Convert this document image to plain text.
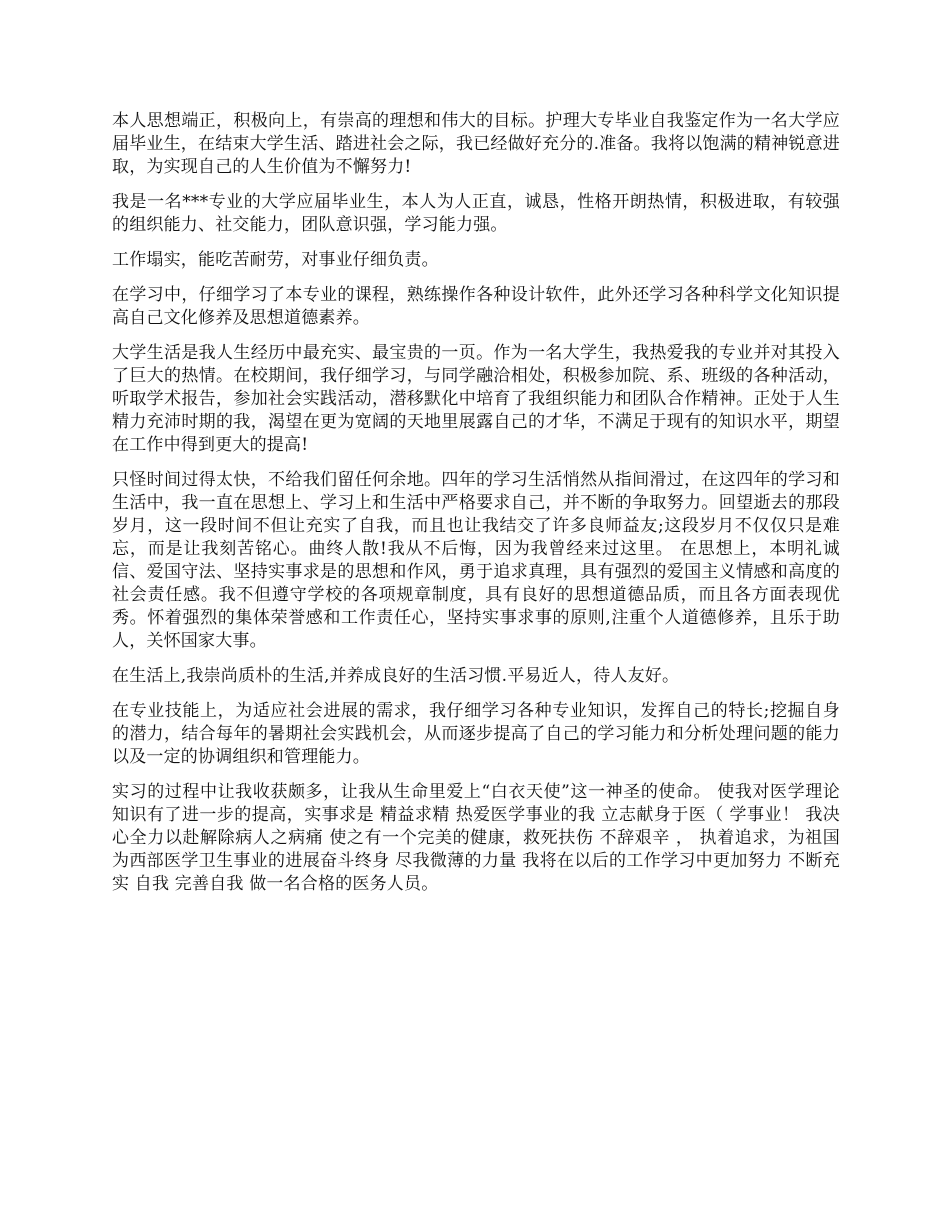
本人思想端正，积极向上，有崇高的理想和伟大的目标。护理大专毕业自我鉴定作为一名大学应届毕业生，在结束大学生活、踏进社会之际，我已经做好充分的.准备。我将以饱满的精神锐意进取，为实现自己的人生价值为不懈努力!

我是一名***专业的大学应届毕业生，本人为人正直，诚恳，性格开朗热情，积极进取，有较强的组织能力、社交能力，团队意识强，学习能力强。

工作塌实，能吃苦耐劳，对事业仔细负责。

在学习中，仔细学习了本专业的课程，熟练操作各种设计软件，此外还学习各种科学文化知识提高自己文化修养及思想道德素养。

大学生活是我人生经历中最充实、最宝贵的一页。作为一名大学生，我热爱我的专业并对其投入了巨大的热情。在校期间，我仔细学习，与同学融洽相处，积极参加院、系、班级的各种活动，听取学术报告，参加社会实践活动，潜移默化中培育了我组织能力和团队合作精神。正处于人生精力充沛时期的我，渴望在更为宽阔的天地里展露自己的才华，不满足于现有的知识水平，期望在工作中得到更大的提高!

只怪时间过得太快，不给我们留任何余地。四年的学习生活悄然从指间滑过，在这四年的学习和生活中，我一直在思想上、学习上和生活中严格要求自己，并不断的争取努力。回望逝去的那段岁月，这一段时间不但让充实了自我，而且也让我结交了许多良师益友;这段岁月不仅仅只是难忘，而是让我刻苦铭心。曲终人散!我从不后悔，因为我曾经来过这里。 在思想上，本明礼诚信、爱国守法、坚持实事求是的思想和作风，勇于追求真理，具有强烈的爱国主义情感和高度的社会责任感。我不但遵守学校的各项规章制度，具有良好的思想道德品质，而且各方面表现优秀。怀着强烈的集体荣誉感和工作责任心，坚持实事求事的原则,注重个人道德修养，且乐于助人，关怀国家大事。

在生活上,我崇尚质朴的生活,并养成良好的生活习惯.平易近人，待人友好。

在专业技能上，为适应社会进展的需求，我仔细学习各种专业知识，发挥自己的特长;挖掘自身的潜力，结合每年的暑期社会实践机会，从而逐步提高了自己的学习能力和分析处理问题的能力以及一定的协调组织和管理能力。

实习的过程中让我收获颇多，让我从生命里爱上“白衣天使”这一神圣的使命。 使我对医学理论知识有了进一步的提高，实事求是 精益求精 热爱医学事业的我 立志献身于医（ 学事业！ 我决心全力以赴解除病人之病痛 使之有一个完美的健康，救死扶伤 不辞艰辛 ， 执着追求，为祖国 为西部医学卫生事业的进展奋斗终身 尽我微薄的力量 我将在以后的工作学习中更加努力 不断充实 自我 完善自我 做一名合格的医务人员。
